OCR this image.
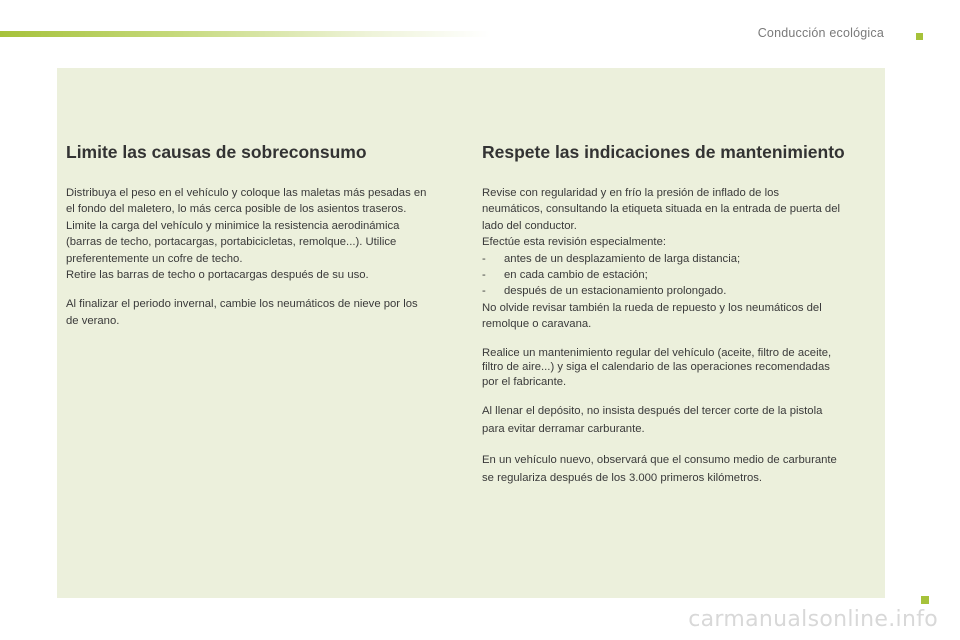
Conducción ecológica
Limite las causas de sobreconsumo

Distribuya el peso en el vehículo y coloque las maletas más pesadas en
el fondo del maletero, lo más cerca posible de los asientos traseros.
Limite la carga del vehículo y minimice la resistencia aerodinámica
(barras de techo, portacargas, portabicicletas, remolque...). Utilice
preferentemente un cofre de techo.
Retire las barras de techo o portacargas después de su uso.

Al finalizar el periodo invernal, cambie los neumáticos de nieve por los
de verano.

Respete las indicaciones de mantenimiento

Revise con regularidad y en frío la presión de inflado de los
neumáticos, consultando la etiqueta situada en la entrada de puerta del
lado del conductor.
Efectúe esta revisión especialmente:
- antes de un desplazamiento de larga distancia;
- en cada cambio de estación;
- después de un estacionamiento prolongado.
No olvide revisar también la rueda de repuesto y los neumáticos del
remolque o caravana.

Realice un mantenimiento regular del vehículo (aceite, filtro de aceite,
filtro de aire...) y siga el calendario de las operaciones recomendadas
por el fabricante.

Al llenar el depósito, no insista después del tercer corte de la pistola
para evitar derramar carburante.

En un vehículo nuevo, observará que el consumo medio de carburante
se regulariza después de los 3.000 primeros kilómetros.

carmanualsonline.info
